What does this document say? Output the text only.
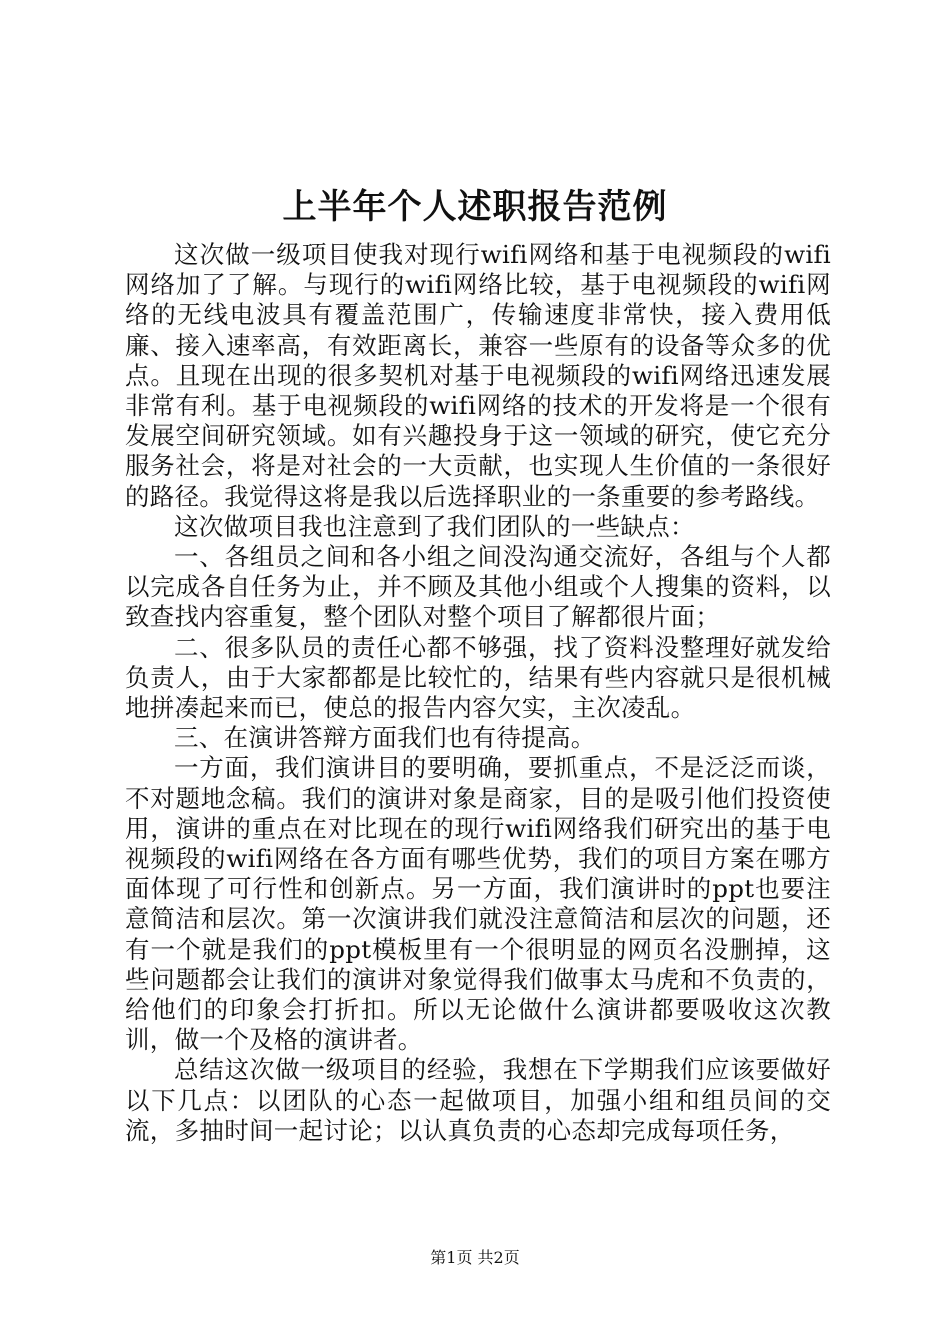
上半年个人述职报告范例

这次做一级项目使我对现行wifi网络和基于电视频段的wifi网络加了了解。与现行的wifi网络比较，基于电视频段的wifi网络的无线电波具有覆盖范围广，传输速度非常快，接入费用低廉、接入速率高，有效距离长，兼容一些原有的设备等众多的优点。且现在出现的很多契机对基于电视频段的wifi网络迅速发展非常有利。基于电视频段的wifi网络的技术的开发将是一个很有发展空间研究领域。如有兴趣投身于这一领域的研究，使它充分服务社会，将是对社会的一大贡献，也实现人生价值的一条很好的路径。我觉得这将是我以后选择职业的一条重要的参考路线。

这次做项目我也注意到了我们团队的一些缺点：

一、各组员之间和各小组之间没沟通交流好，各组与个人都以完成各自任务为止，并不顾及其他小组或个人搜集的资料，以致查找内容重复，整个团队对整个项目了解都很片面；

二、很多队员的责任心都不够强，找了资料没整理好就发给负责人，由于大家都都是比较忙的，结果有些内容就只是很机械地拼凑起来而已，使总的报告内容欠实，主次凌乱。

三、在演讲答辩方面我们也有待提高。

一方面，我们演讲目的要明确，要抓重点，不是泛泛而谈，不对题地念稿。我们的演讲对象是商家，目的是吸引他们投资使用，演讲的重点在对比现在的现行wifi网络我们研究出的基于电视频段的wifi网络在各方面有哪些优势，我们的项目方案在哪方面体现了可行性和创新点。另一方面，我们演讲时的ppt也要注意简洁和层次。第一次演讲我们就没注意简洁和层次的问题，还有一个就是我们的ppt模板里有一个很明显的网页名没删掉，这些问题都会让我们的演讲对象觉得我们做事太马虎和不负责的，给他们的印象会打折扣。所以无论做什么演讲都要吸收这次教训，做一个及格的演讲者。

总结这次做一级项目的经验，我想在下学期我们应该要做好以下几点：以团队的心态一起做项目，加强小组和组员间的交流，多抽时间一起讨论；以认真负责的心态却完成每项任务，

第1页 共2页
